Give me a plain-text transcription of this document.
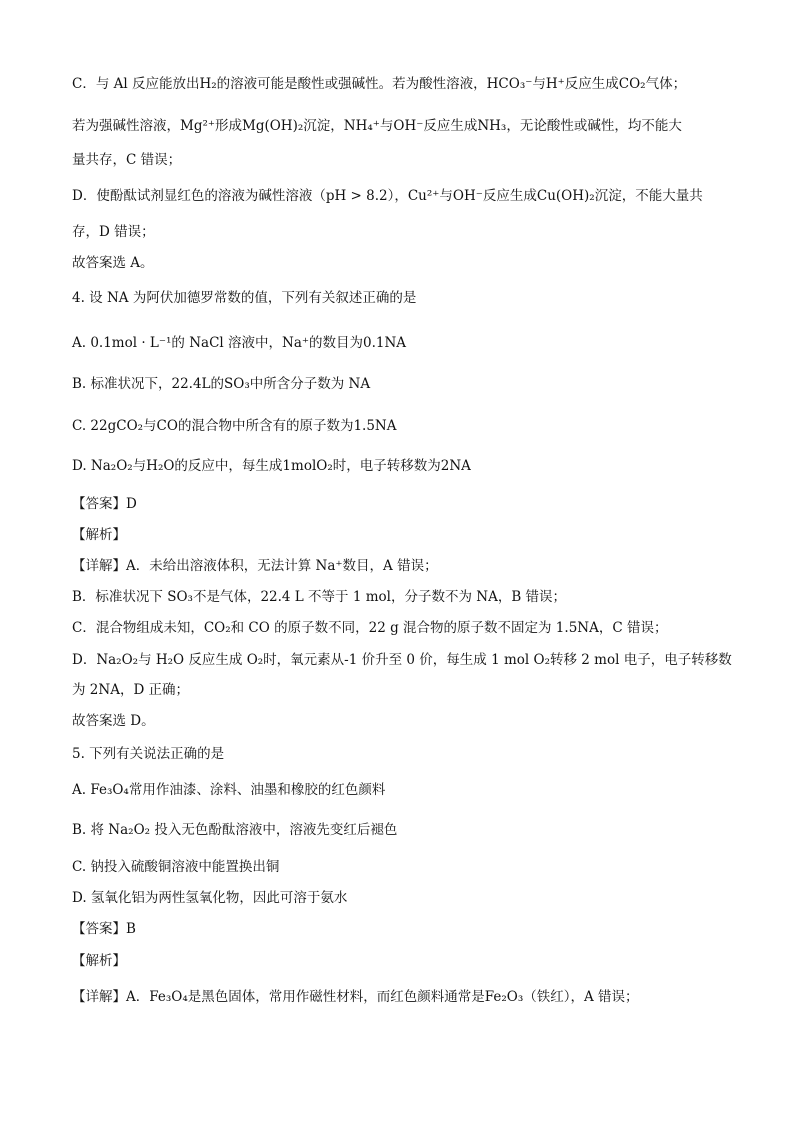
C．与 Al 反应能放出H₂的溶液可能是酸性或强碱性。若为酸性溶液，HCO₃⁻与H⁺反应生成CO₂气体；
若为强碱性溶液，Mg²⁺形成Mg(OH)₂沉淀，NH₄⁺与OH⁻反应生成NH₃，无论酸性或碱性，均不能大
量共存，C 错误；
D．使酚酞试剂显红色的溶液为碱性溶液（pH > 8.2），Cu²⁺与OH⁻反应生成Cu(OH)₂沉淀，不能大量共
存，D 错误；
故答案选 A。
4. 设 NA 为阿伏加德罗常数的值，下列有关叙述正确的是
A. 0.1mol · L⁻¹的 NaCl 溶液中，Na⁺的数目为0.1NA
B. 标准状况下，22.4L的SO₃中所含分子数为 NA
C. 22gCO₂与CO的混合物中所含有的原子数为1.5NA
D. Na₂O₂与H₂O的反应中，每生成1molO₂时，电子转移数为2NA
【答案】D
【解析】
【详解】A．未给出溶液体积，无法计算 Na⁺数目，A 错误；
B．标准状况下 SO₃不是气体，22.4 L 不等于 1 mol，分子数不为 NA，B 错误；
C．混合物组成未知，CO₂和 CO 的原子数不同，22 g 混合物的原子数不固定为 1.5NA，C 错误；
D．Na₂O₂与 H₂O 反应生成 O₂时，氧元素从-1 价升至 0 价，每生成 1 mol O₂转移 2 mol 电子，电子转移数
为 2NA，D 正确；
故答案选 D。
5. 下列有关说法正确的是
A. Fe₃O₄常用作油漆、涂料、油墨和橡胶的红色颜料
B. 将 Na₂O₂ 投入无色酚酞溶液中，溶液先变红后褪色
C. 钠投入硫酸铜溶液中能置换出铜
D. 氢氧化铝为两性氢氧化物，因此可溶于氨水
【答案】B
【解析】
【详解】A．Fe₃O₄是黑色固体，常用作磁性材料，而红色颜料通常是Fe₂O₃（铁红），A 错误；
